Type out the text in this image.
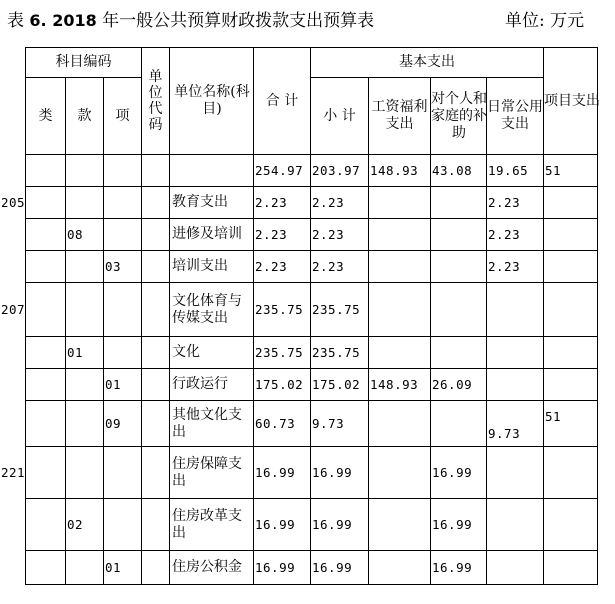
表 6. 2018 年一般公共预算财政拨款支出预算表	单位: 万元
科目编码			单位代码	单位名称(科目)	合 计	基本支出				项目支出

类	款	项				小 计	工资福利支出	对个人和家庭的补助	日常公用支出	

					254.97	203.97	148.93	43.08	19.65	51
205				教育支出	2.23	2.23			2.23	
	08			进修及培训	2.23	2.23			2.23	
		03		培训支出	2.23	2.23			2.23	
207				文化体育与传媒支出	235.75	235.75				
	01			文化	235.75	235.75				
		01		行政运行	175.02	175.02	148.93	26.09		
		09		其他文化支出	60.73	9.73			9.73	51
221				住房保障支出	16.99	16.99		16.99		
	02			住房改革支出	16.99	16.99		16.99		
		01		住房公积金	16.99	16.99		16.99		
